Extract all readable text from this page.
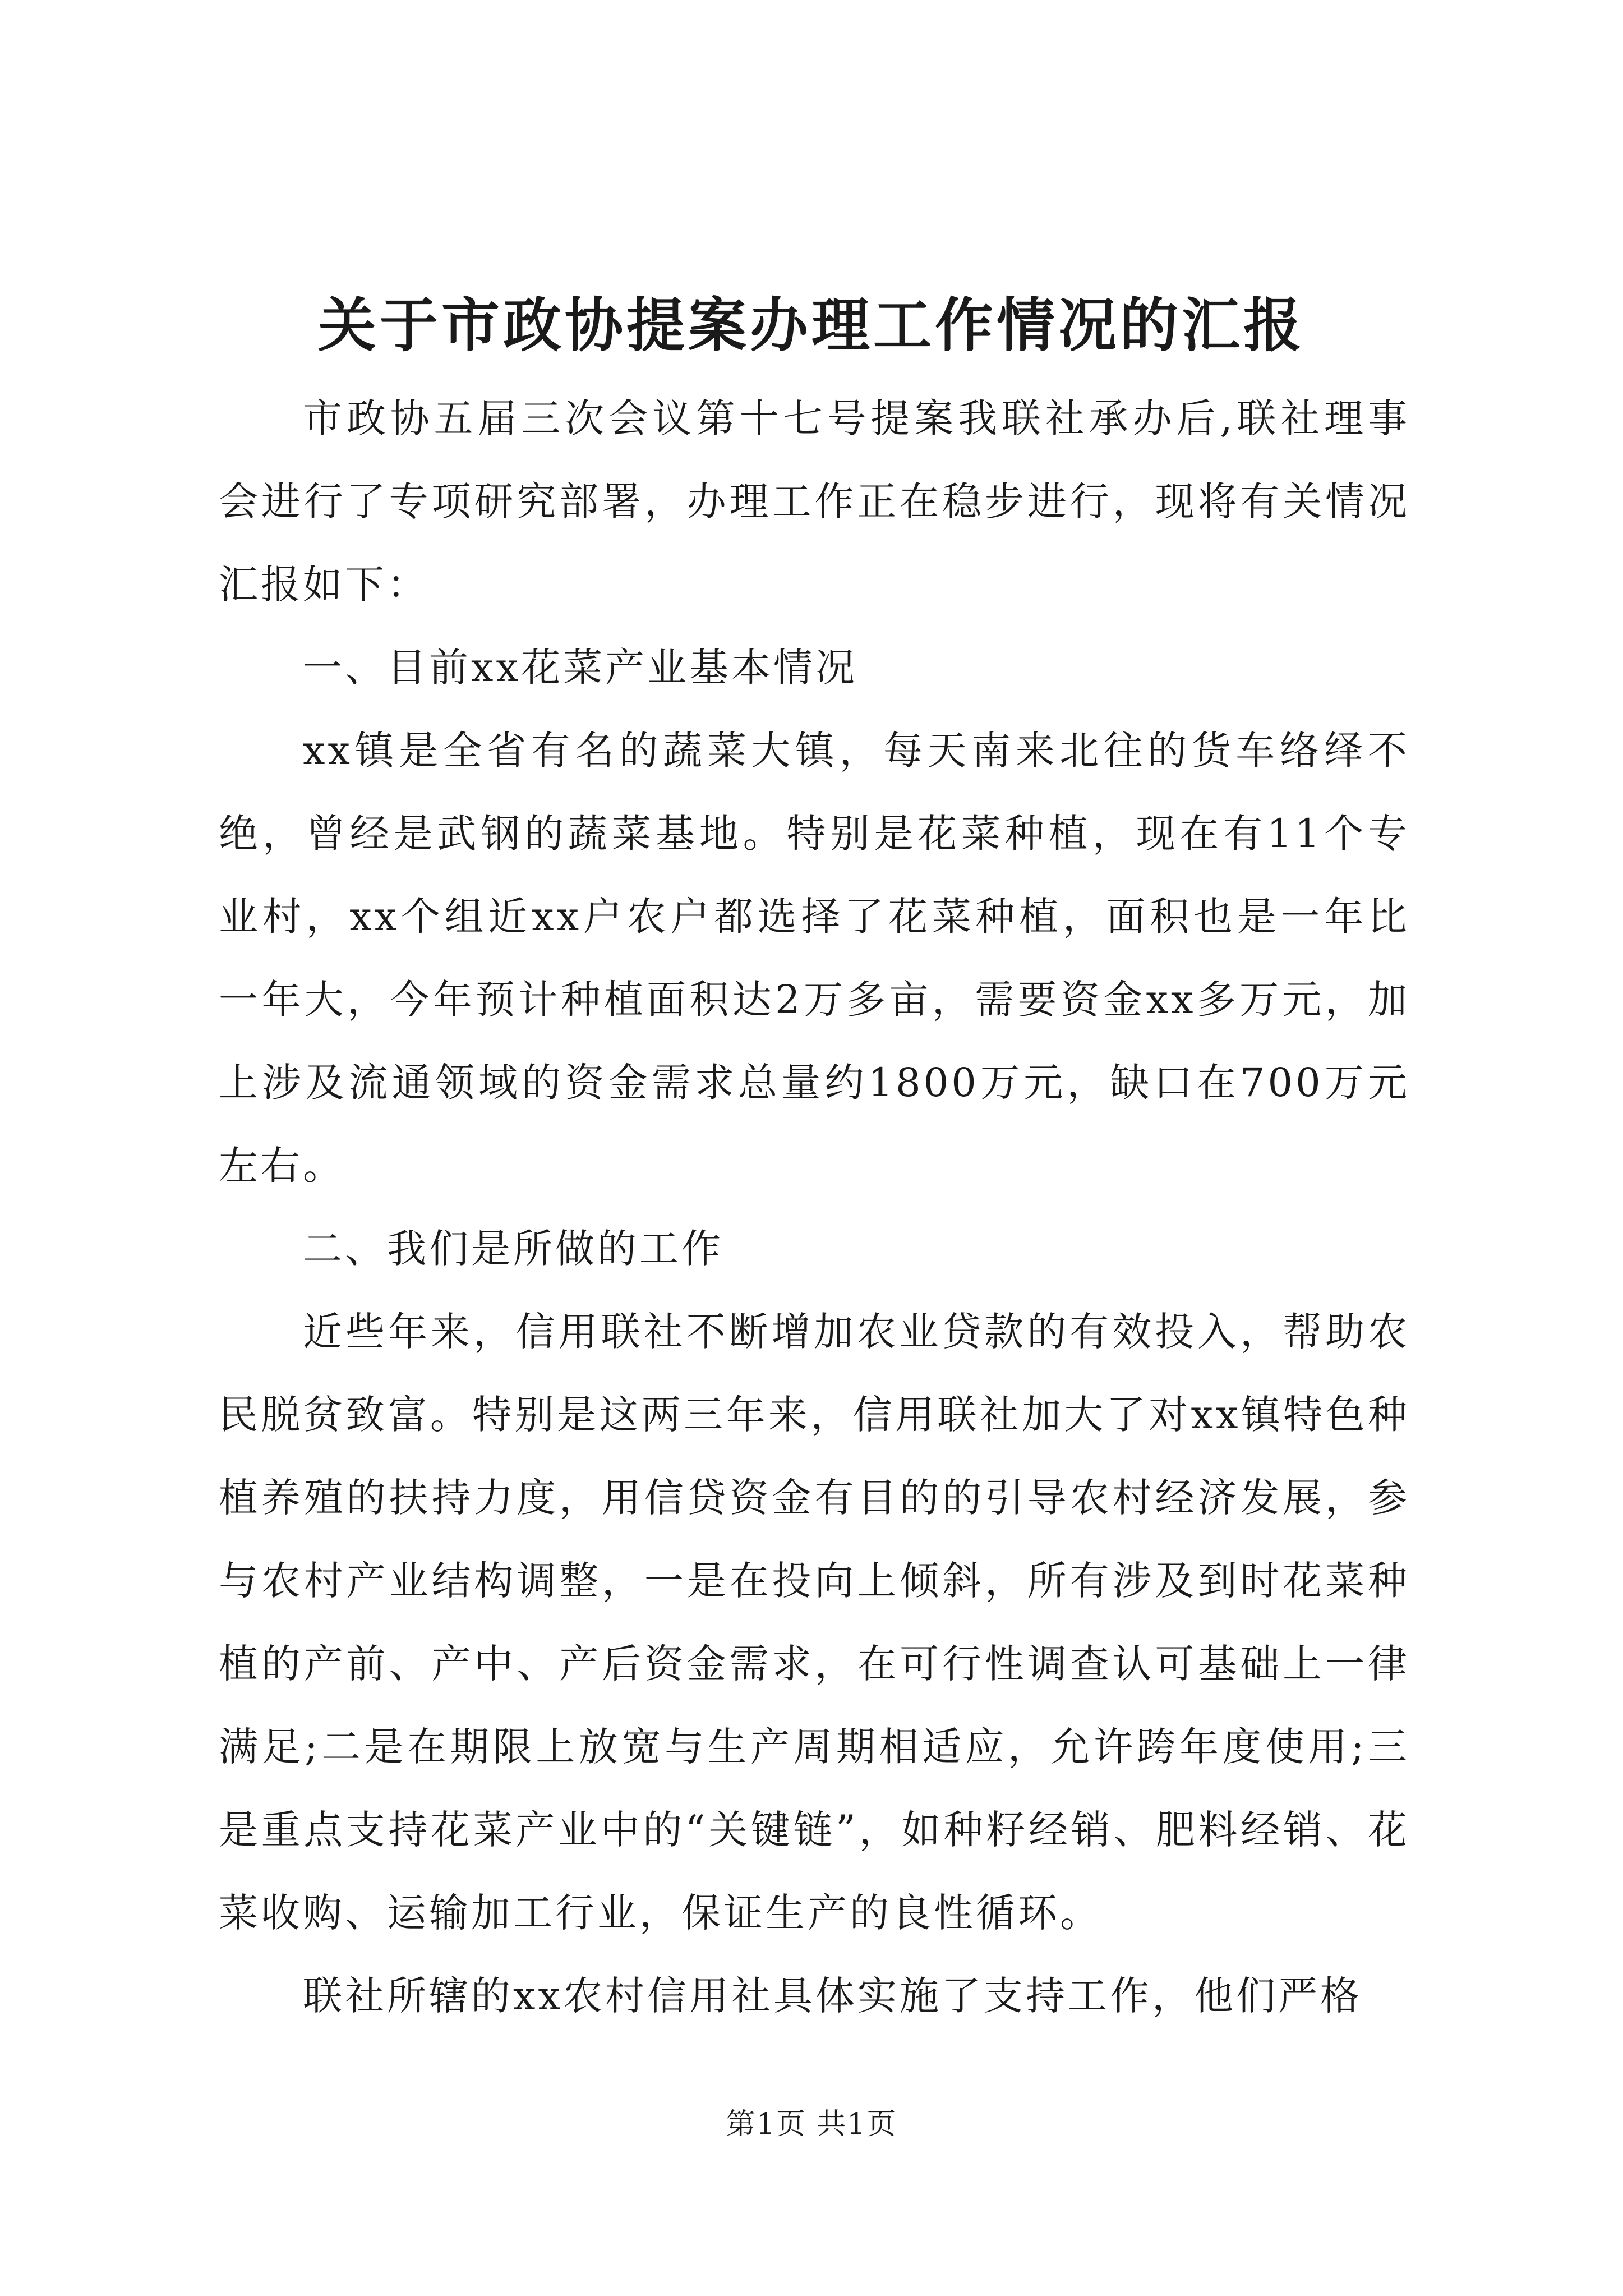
关于市政协提案办理工作情况的汇报

市政协五届三次会议第十七号提案我联社承办后,联社理事会进行了专项研究部署，办理工作正在稳步进行，现将有关情况汇报如下：

一、目前xx花菜产业基本情况

xx镇是全省有名的蔬菜大镇，每天南来北往的货车络绎不绝，曾经是武钢的蔬菜基地。特别是花菜种植，现在有11个专业村，xx个组近xx户农户都选择了花菜种植，面积也是一年比一年大，今年预计种植面积达2万多亩，需要资金xx多万元，加上涉及流通领域的资金需求总量约1800万元，缺口在700万元左右。

二、我们是所做的工作

近些年来，信用联社不断增加农业贷款的有效投入，帮助农民脱贫致富。特别是这两三年来，信用联社加大了对xx镇特色种植养殖的扶持力度，用信贷资金有目的的引导农村经济发展，参与农村产业结构调整，一是在投向上倾斜，所有涉及到时花菜种植的产前、产中、产后资金需求，在可行性调查认可基础上一律满足;二是在期限上放宽与生产周期相适应，允许跨年度使用;三是重点支持花菜产业中的“关键链”，如种籽经销、肥料经销、花菜收购、运输加工行业，保证生产的良性循环。

联社所辖的xx农村信用社具体实施了支持工作，他们严格

第1页 共1页
